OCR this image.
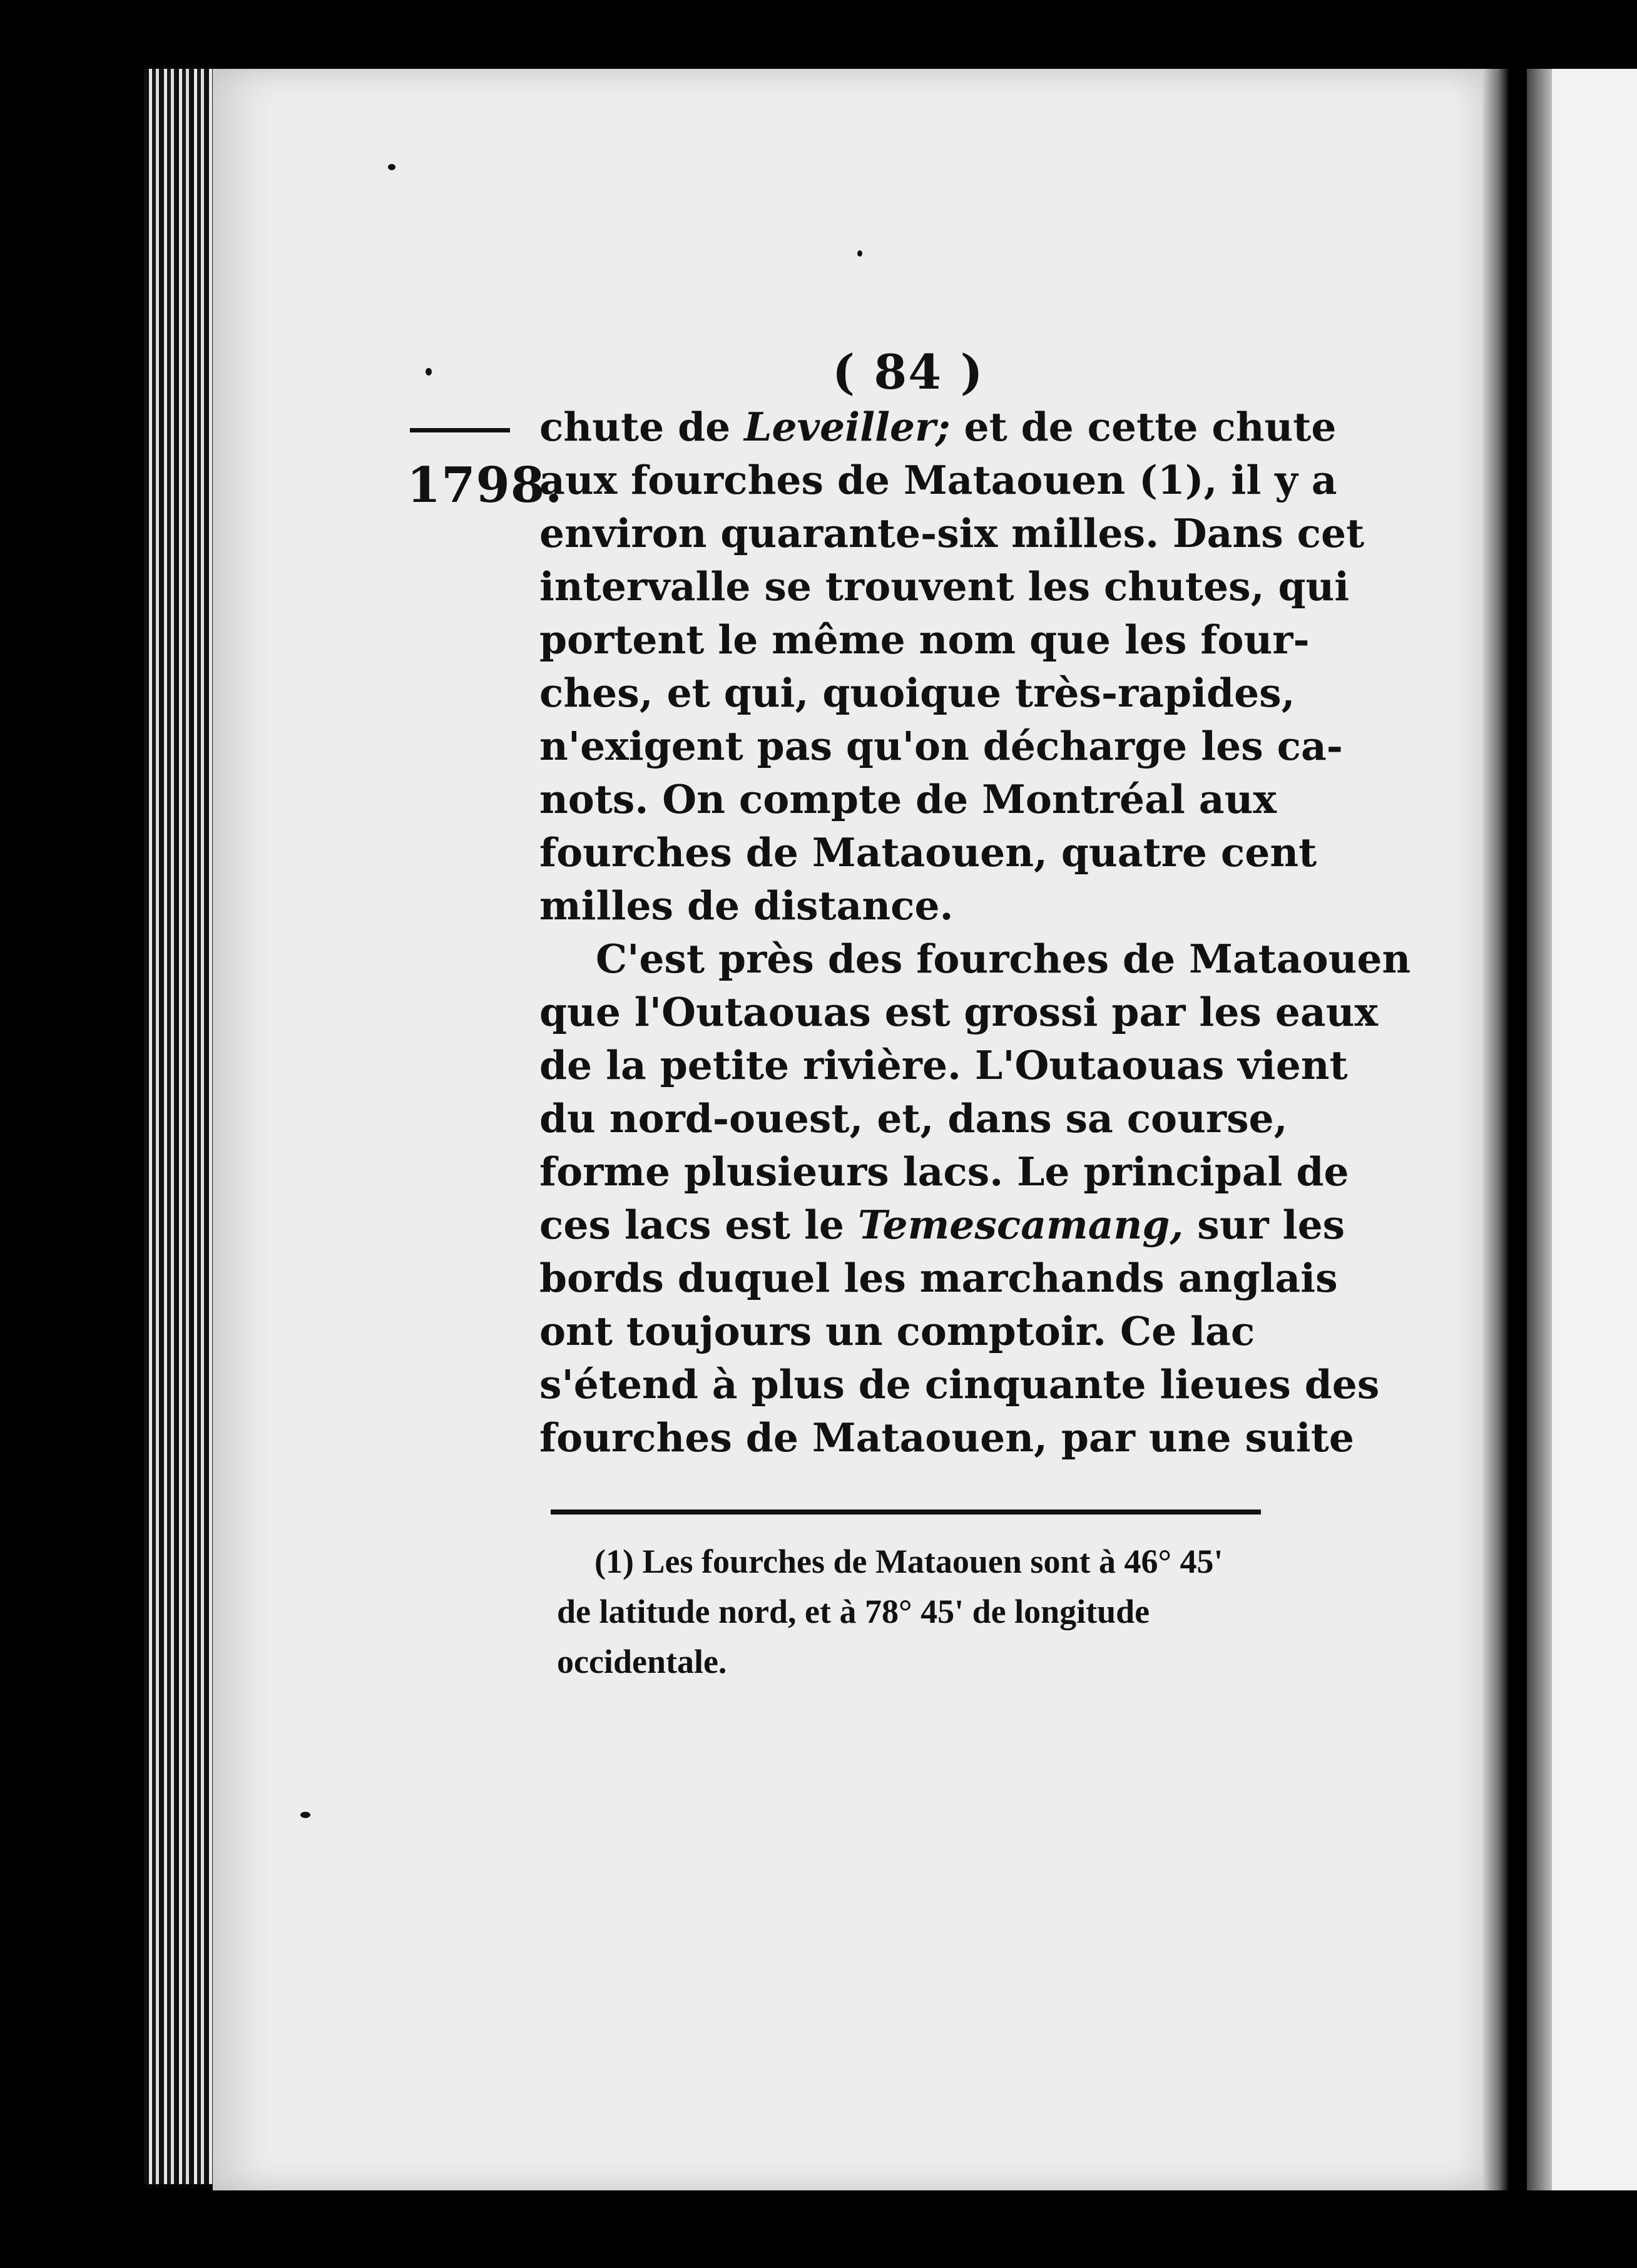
( 84 )
1798.
chute de Leveiller; et de cette chute
aux fourches de Mataouen (1), il y a
environ quarante-six milles. Dans cet
intervalle se trouvent les chutes, qui
portent le même nom que les four-
ches, et qui, quoique très-rapides,
n'exigent pas qu'on décharge les ca-
nots. On compte de Montréal aux
fourches de Mataouen, quatre cent
milles de distance.
C'est près des fourches de Mataouen
que l'Outaouas est grossi par les eaux
de la petite rivière. L'Outaouas vient
du nord-ouest, et, dans sa course,
forme plusieurs lacs. Le principal de
ces lacs est le Temescamang, sur les
bords duquel les marchands anglais
ont toujours un comptoir. Ce lac
s'étend à plus de cinquante lieues des
fourches de Mataouen, par une suite
(1) Les fourches de Mataouen sont à 46° 45'
de latitude nord, et à 78° 45' de longitude
occidentale.
